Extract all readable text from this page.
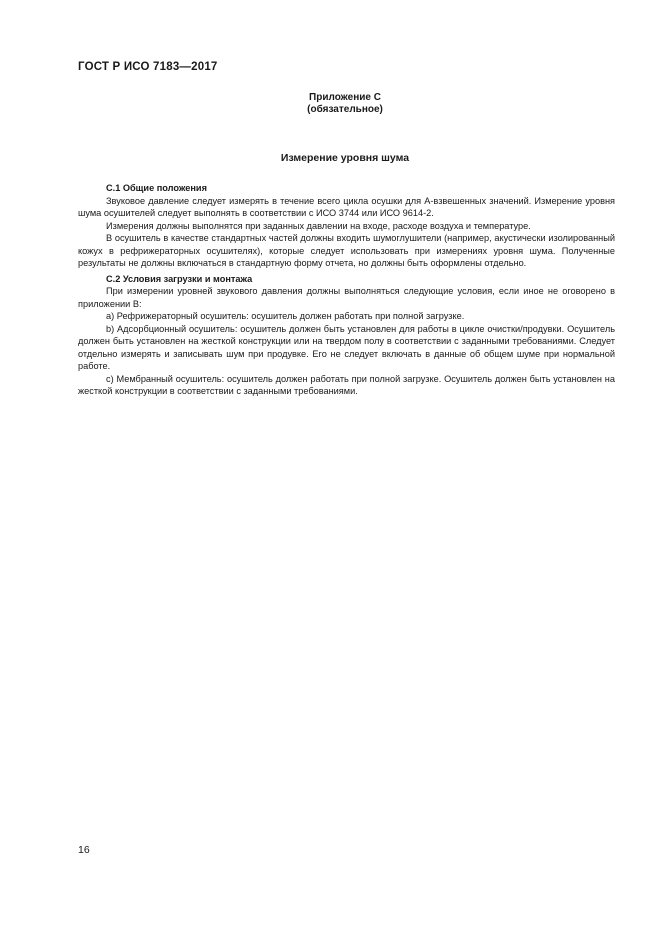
ГОСТ Р ИСО 7183—2017
Приложение С
(обязательное)
Измерение уровня шума
С.1 Общие положения

Звуковое давление следует измерять в течение всего цикла осушки для А-взвешенных значений. Измерение уровня шума осушителей следует выполнять в соответствии с ИСО 3744 или ИСО 9614-2.

Измерения должны выполнятся при заданных давлении на входе, расходе воздуха и температуре.

В осушитель в качестве стандартных частей должны входить шумоглушители (например, акустически изолированный кожух в рефрижераторных осушителях), которые следует использовать при измерениях уровня шума. Полученные результаты не должны включаться в стандартную форму отчета, но должны быть оформлены отдельно.

С.2 Условия загрузки и монтажа

При измерении уровней звукового давления должны выполняться следующие условия, если иное не оговорено в приложении В:

а) Рефрижераторный осушитель: осушитель должен работать при полной загрузке.

b) Адсорбционный осушитель: осушитель должен быть установлен для работы в цикле очистки/продувки. Осушитель должен быть установлен на жесткой конструкции или на твердом полу в соответствии с заданными требованиями. Следует отдельно измерять и записывать шум при продувке. Его не следует включать в данные об общем шуме при нормальной работе.

с) Мембранный осушитель: осушитель должен работать при полной загрузке. Осушитель должен быть установлен на жесткой конструкции в соответствии с заданными требованиями.

16
